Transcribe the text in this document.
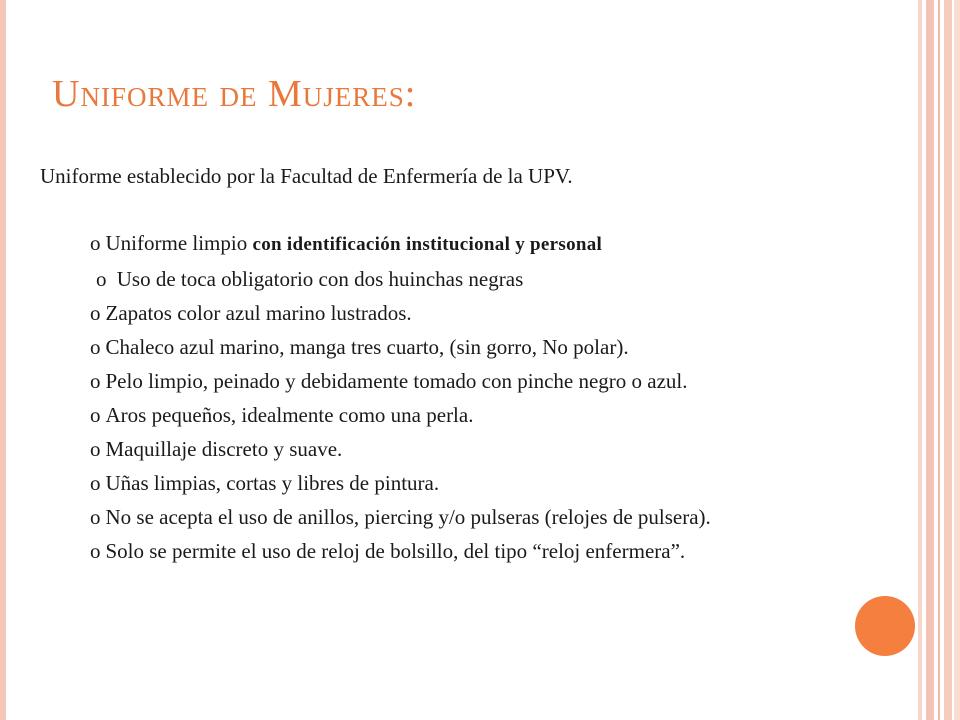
Uniforme de Mujeres:

Uniforme establecido por la Facultad de Enfermería de la UPV.

o Uniforme limpio con identificación institucional y personal
o Uso de toca obligatorio con dos huinchas negras
o Zapatos color azul marino lustrados.
o Chaleco azul marino, manga tres cuarto, (sin gorro, No polar).
o Pelo limpio, peinado y debidamente tomado con pinche negro o azul.
o Aros pequeños, idealmente como una perla.
o Maquillaje discreto y suave.
o Uñas limpias, cortas y libres de pintura.
o No se acepta el uso de anillos, piercing y/o pulseras (relojes de pulsera).
o Solo se permite el uso de reloj de bolsillo, del tipo “reloj enfermera”.
